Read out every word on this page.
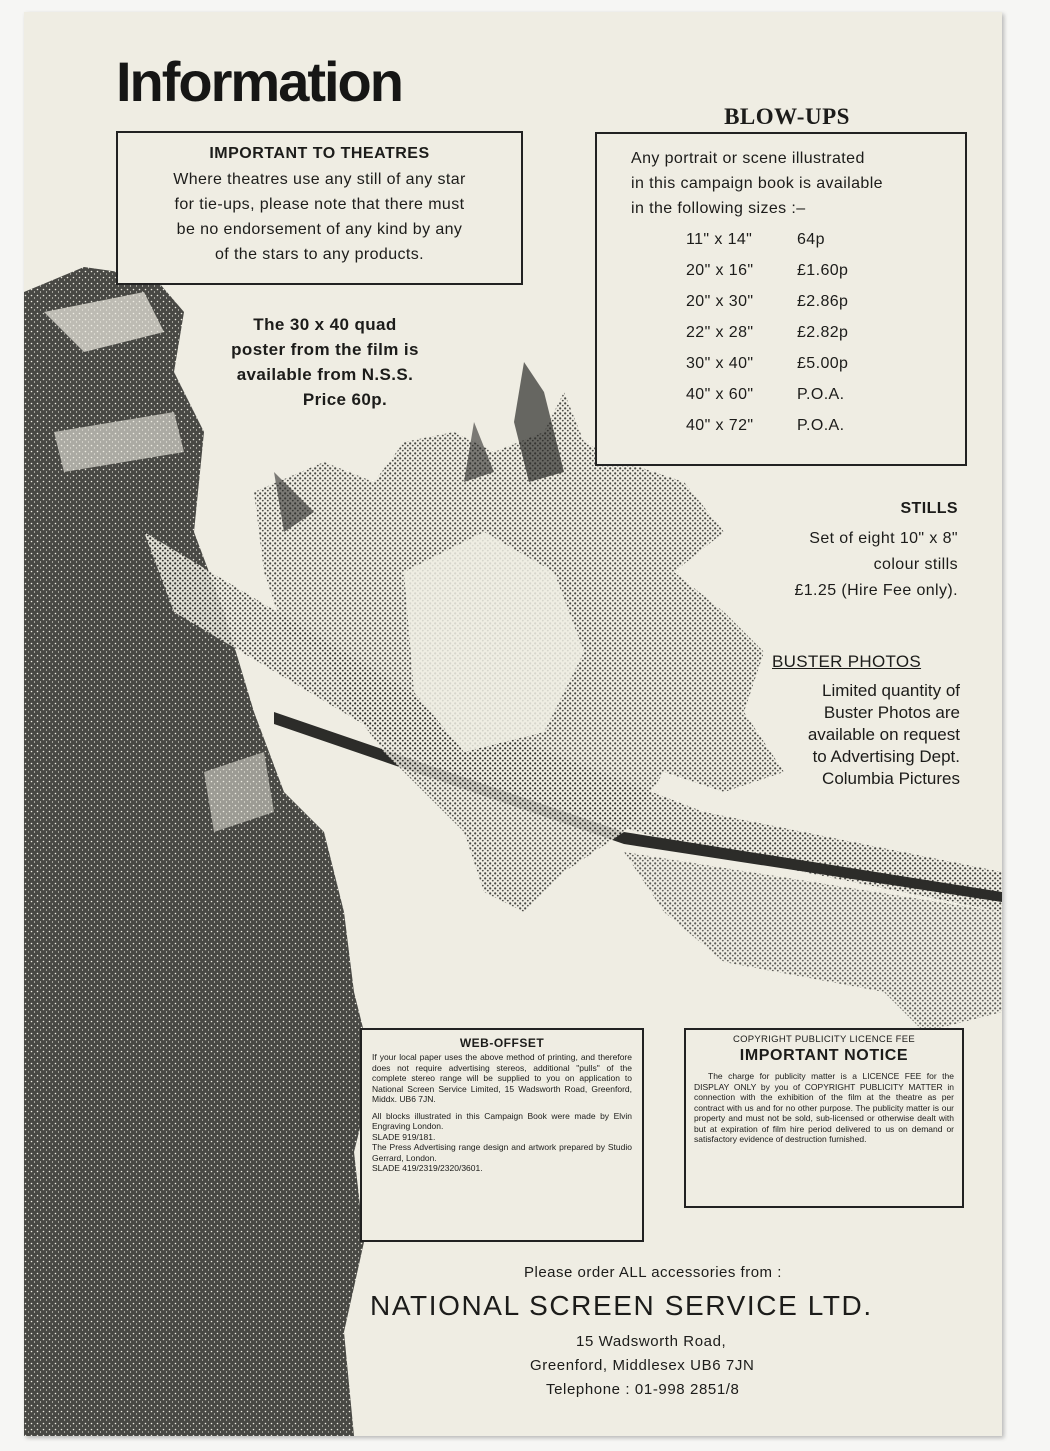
Information
IMPORTANT TO THEATRES
Where theatres use any still of any star
for tie-ups, please note that there must
be no endorsement of any kind by any
of the stars to any products.
The 30 x 40 quad
poster from the film is
available from N.S.S.
Price 60p.
BLOW-UPS
Any portrait or scene illustrated
in this campaign book is available
in the following sizes :–
11" x 14"	64p
20" x 16"	£1.60p
20" x 30"	£2.86p
22" x 28"	£2.82p
30" x 40"	£5.00p
40" x 60"	P.O.A.
40" x 72"	P.O.A.
STILLS
Set of eight 10" x 8"
colour stills
£1.25 (Hire Fee only).
BUSTER PHOTOS
Limited quantity of
Buster Photos are
available on request
to Advertising Dept.
Columbia Pictures
WEB-OFFSET
If your local paper uses the above method of printing, and therefore does not require advertising stereos, additional "pulls" of the complete stereo range will be supplied to you on application to National Screen Service Limited, 15 Wadsworth Road, Greenford, Middx. UB6 7JN.
All blocks illustrated in this Campaign Book were made by Elvin Engraving London.
SLADE 919/181.
The Press Advertising range design and artwork prepared by Studio Gerrard, London.
SLADE 419/2319/2320/3601.
COPYRIGHT PUBLICITY LICENCE FEE
IMPORTANT NOTICE
The charge for publicity matter is a LICENCE FEE for the DISPLAY ONLY by you of COPYRIGHT PUBLICITY MATTER in connection with the exhibition of the film at the theatre as per contract with us and for no other purpose. The publicity matter is our property and must not be sold, sub-licensed or otherwise dealt with but at expiration of film hire period delivered to us on demand or satisfactory evidence of destruction furnished.
Please order ALL accessories from :
NATIONAL SCREEN SERVICE LTD.
15 Wadsworth Road,
Greenford, Middlesex UB6 7JN
Telephone : 01-998 2851/8
